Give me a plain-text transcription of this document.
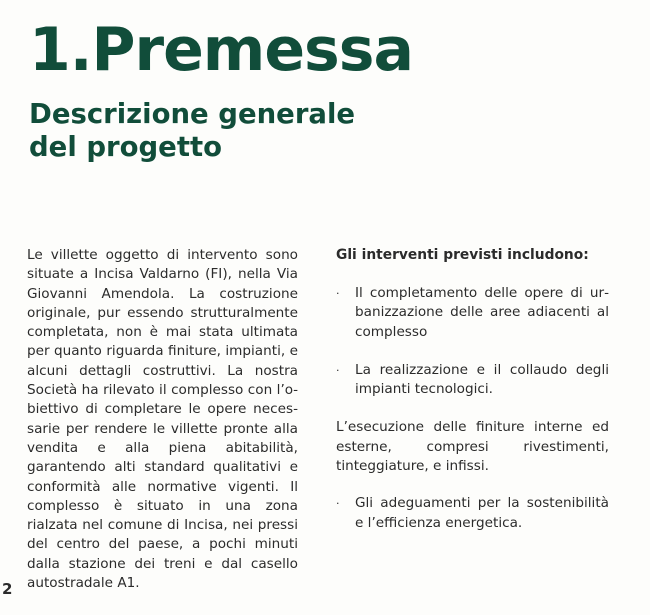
1.Premessa
Descrizione generale del progetto

Le villette oggetto di intervento sono situate a Incisa Valdarno (FI), nella Via Giovanni Amendola. La costruzione originale, pur essendo strutturalmente completata, non è mai stata ultimata per quanto riguarda finiture, impianti, e alcuni dettagli costruttivi. La nostra Società ha rilevato il complesso con l’obiettivo di completare le opere necessarie per rendere le villette pronte alla vendita e alla piena abitabilità, garantendo alti standard qualitativi e conformità alle normative vigenti. Il complesso è situato in una zona rialzata nel comune di Incisa, nei pressi del centro del paese, a pochi minuti dalla stazione dei treni e dal casello autostradale A1.

Gli interventi previsti includono:
· Il completamento delle opere di urbanizzazione delle aree adiacenti al complesso
· La realizzazione e il collaudo degli impianti tecnologici.

L’esecuzione delle finiture interne ed esterne, compresi rivestimenti, tinteggiature, e infissi.

· Gli adeguamenti per la sostenibilità e l’efficienza energetica.
2
